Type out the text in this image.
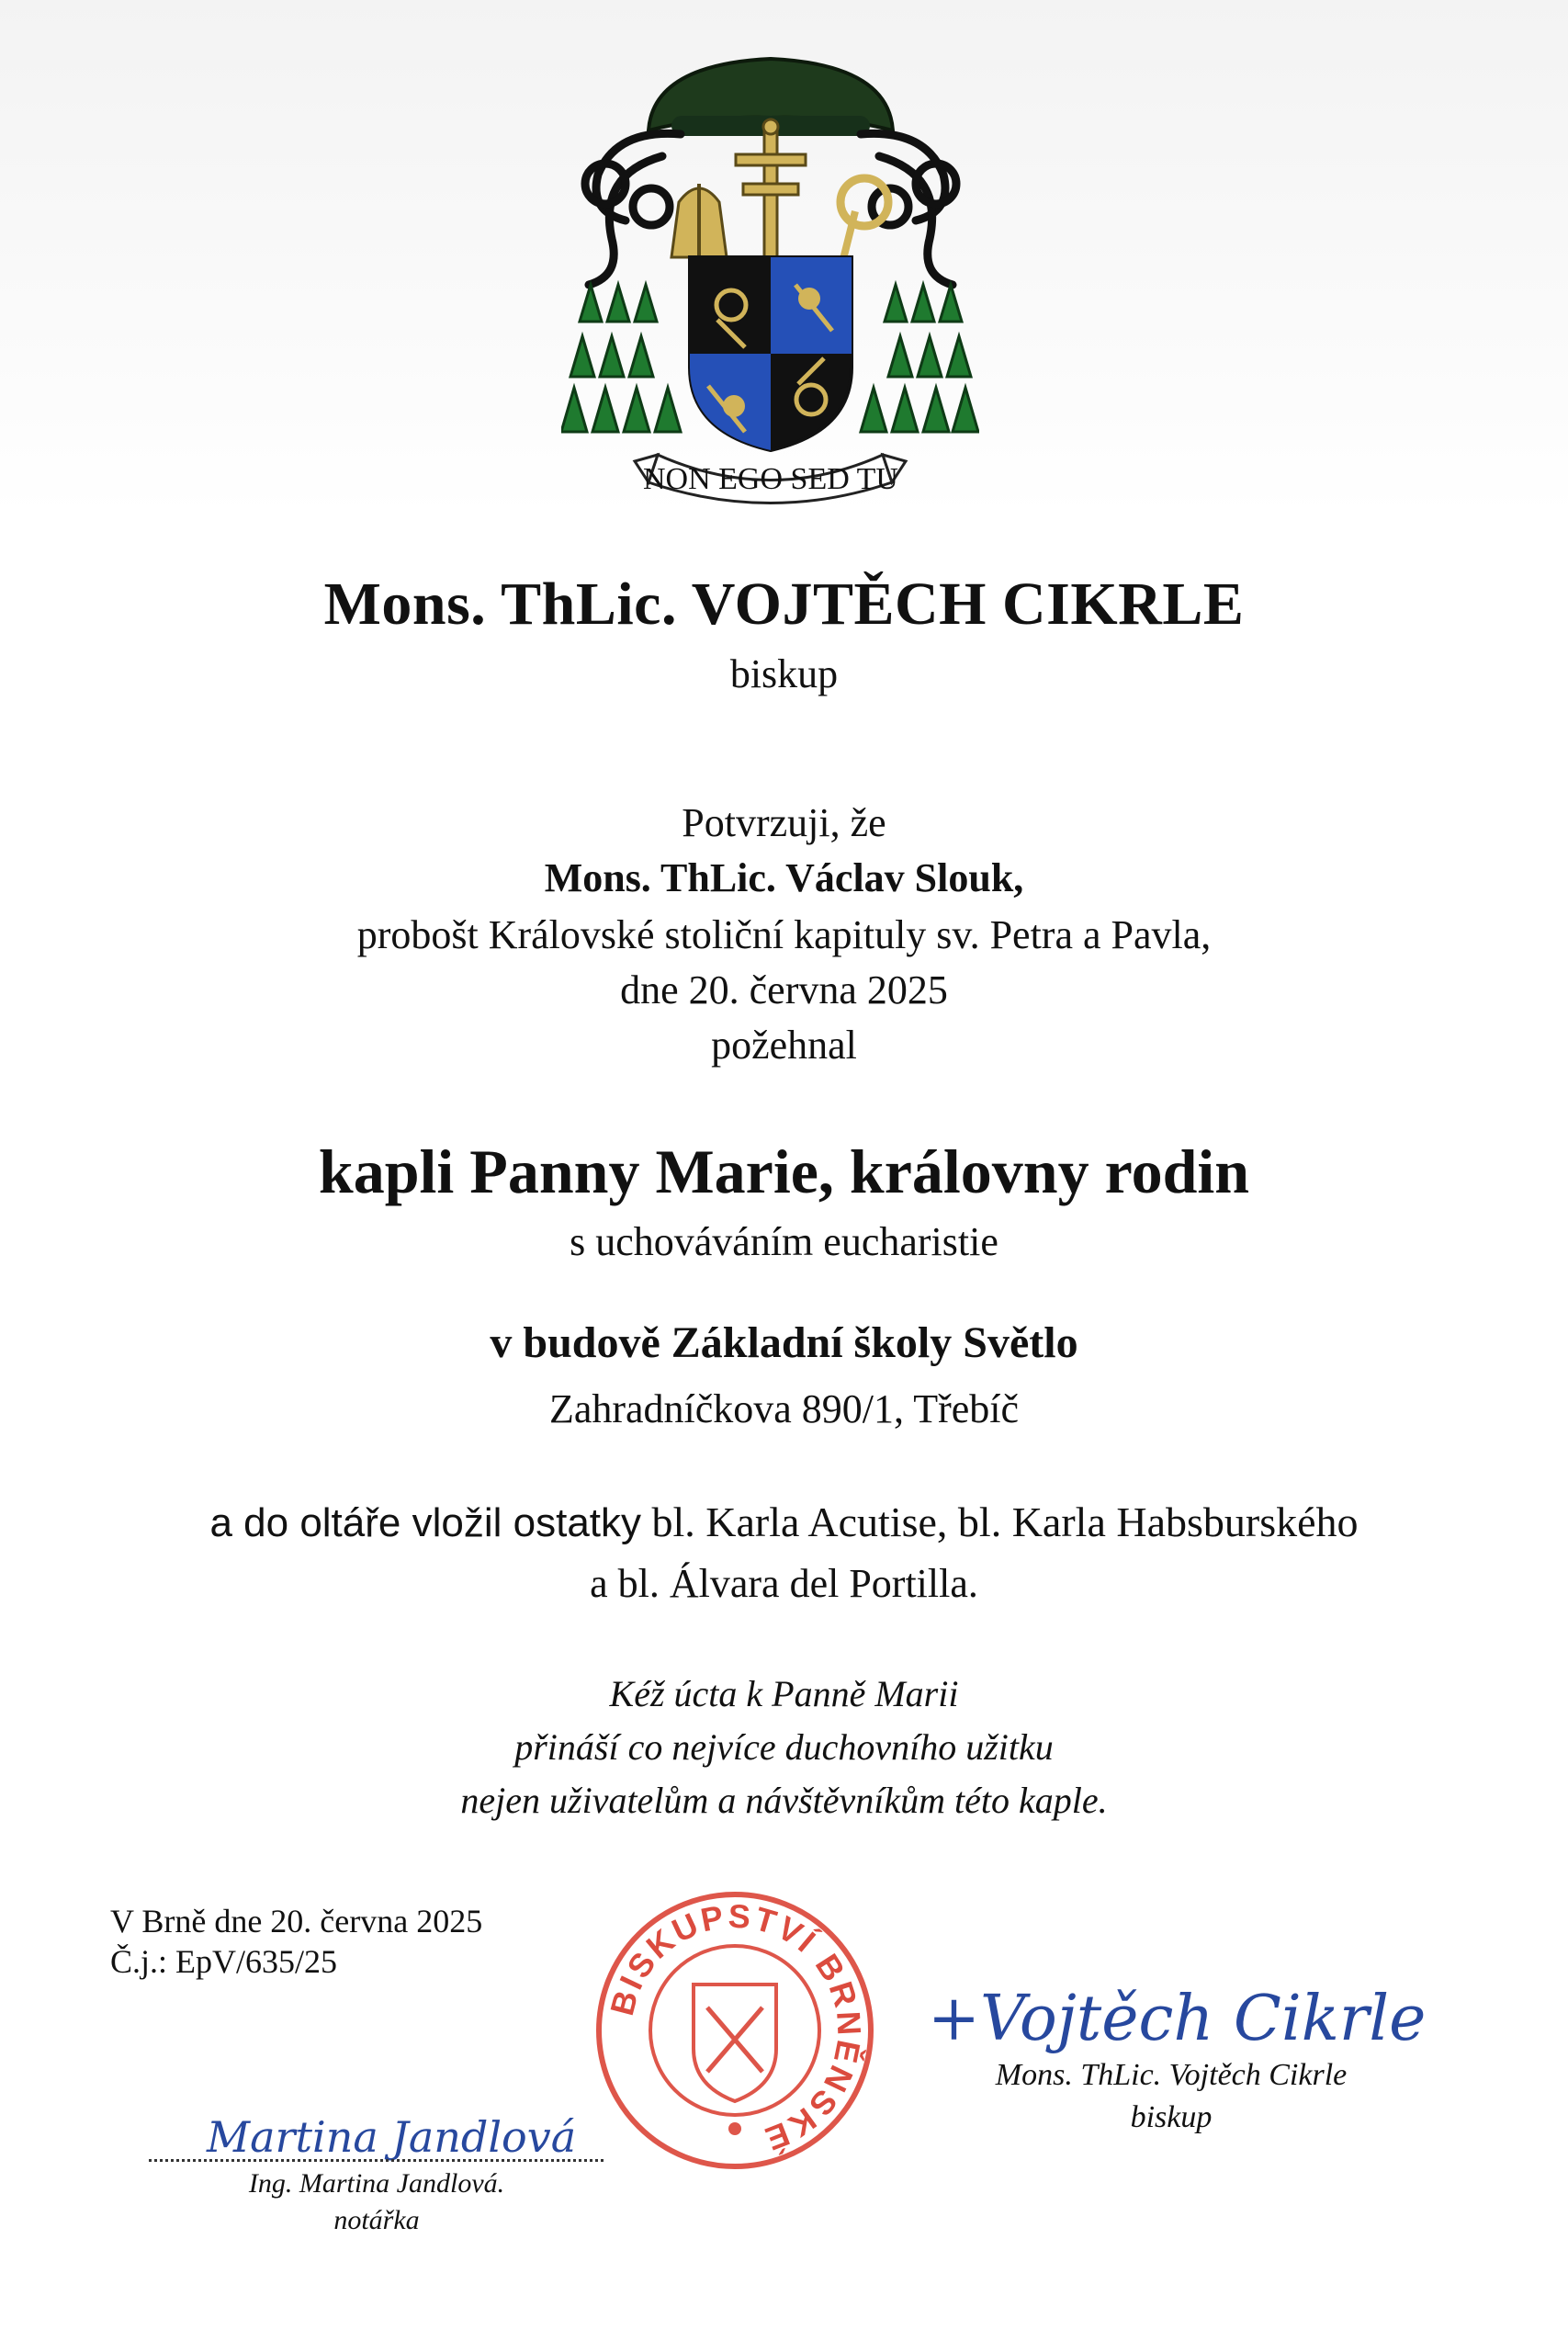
NON EGO SED TU
Mons. ThLic. VOJTĚCH CIKRLE
biskup
Potvrzuji, že
Mons. ThLic. Václav Slouk,
probošt Královské stoliční kapituly sv. Petra a Pavla,
dne 20. června 2025
požehnal
kapli Panny Marie, královny rodin
s uchováváním eucharistie
v budově Základní školy Světlo
Zahradníčkova 890/1, Třebíč
a do oltáře vložil ostatky bl. Karla Acutise, bl. Karla Habsburského
a bl. Álvara del Portilla.
Kéž úcta k Panně Marii
přináší co nejvíce duchovního užitku
nejen uživatelům a návštěvníkům této kaple.
V Brně dne 20. června 2025
Č.j.: EpV/635/25
BISKUPSTVÍ BRNĚNSKÉ
+Vojtěch Cikrle
Mons. ThLic. Vojtěch Cikrle
biskup
Martina Jandlová
Ing. Martina Jandlová.
notářka
